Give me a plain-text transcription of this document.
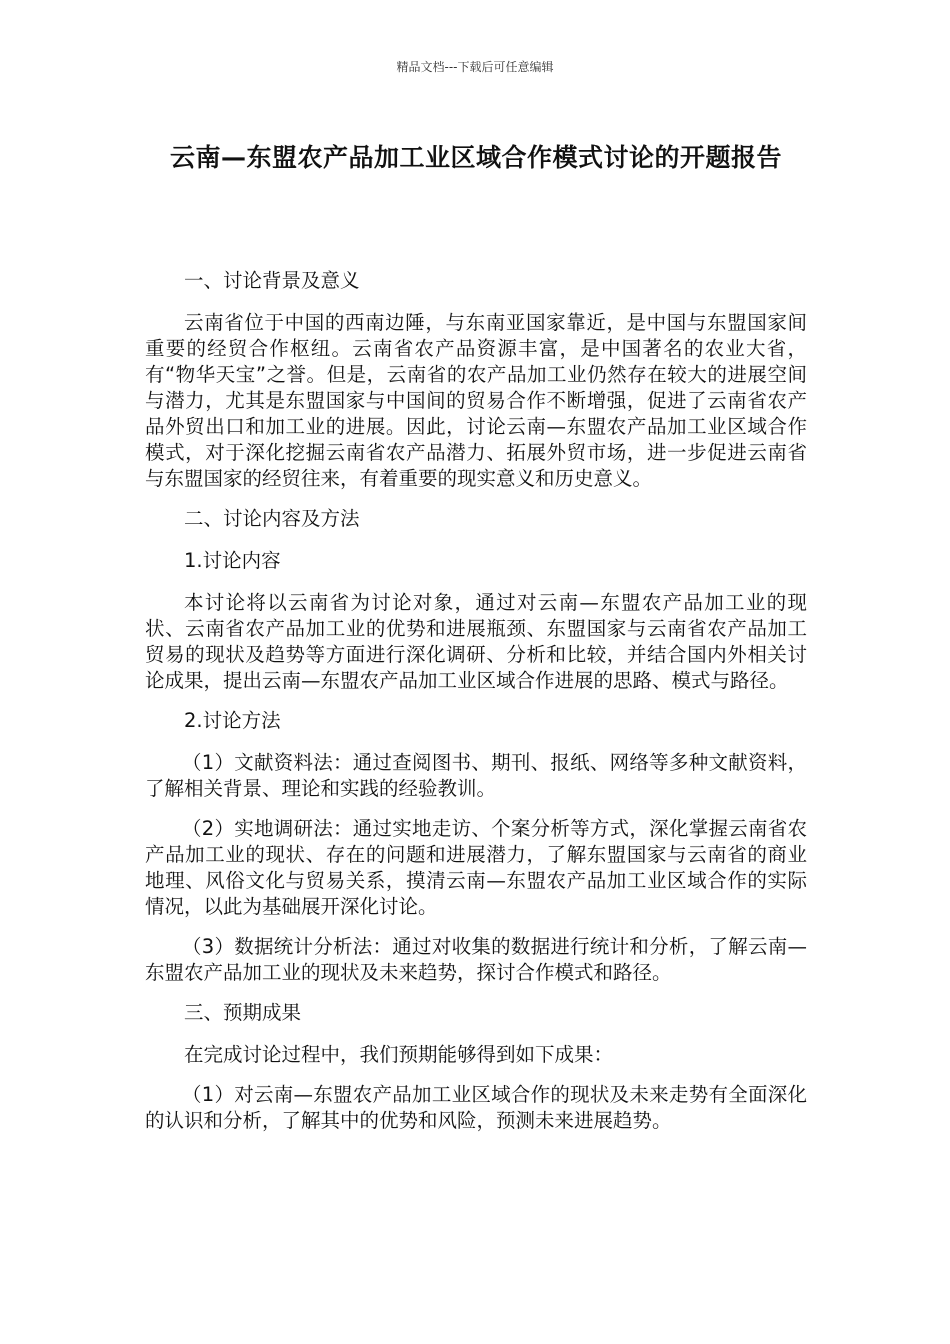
精品文档---下载后可任意编辑
云南—东盟农产品加工业区域合作模式讨论的开题报告

一、讨论背景及意义

云南省位于中国的西南边陲，与东南亚国家靠近，是中国与东盟国家间重要的经贸合作枢纽。云南省农产品资源丰富，是中国著名的农业大省，有“物华天宝”之誉。但是，云南省的农产品加工业仍然存在较大的进展空间与潜力，尤其是东盟国家与中国间的贸易合作不断增强，促进了云南省农产品外贸出口和加工业的进展。因此，讨论云南—东盟农产品加工业区域合作模式，对于深化挖掘云南省农产品潜力、拓展外贸市场，进一步促进云南省与东盟国家的经贸往来，有着重要的现实意义和历史意义。

二、讨论内容及方法

1.讨论内容

本讨论将以云南省为讨论对象，通过对云南—东盟农产品加工业的现状、云南省农产品加工业的优势和进展瓶颈、东盟国家与云南省农产品加工贸易的现状及趋势等方面进行深化调研、分析和比较，并结合国内外相关讨论成果，提出云南—东盟农产品加工业区域合作进展的思路、模式与路径。

2.讨论方法

（1）文献资料法：通过查阅图书、期刊、报纸、网络等多种文献资料，了解相关背景、理论和实践的经验教训。

（2）实地调研法：通过实地走访、个案分析等方式，深化掌握云南省农产品加工业的现状、存在的问题和进展潜力，了解东盟国家与云南省的商业地理、风俗文化与贸易关系，摸清云南—东盟农产品加工业区域合作的实际情况，以此为基础展开深化讨论。

（3）数据统计分析法：通过对收集的数据进行统计和分析，了解云南—东盟农产品加工业的现状及未来趋势，探讨合作模式和路径。

三、预期成果

在完成讨论过程中，我们预期能够得到如下成果：

（1）对云南—东盟农产品加工业区域合作的现状及未来走势有全面深化的认识和分析，了解其中的优势和风险，预测未来进展趋势。
